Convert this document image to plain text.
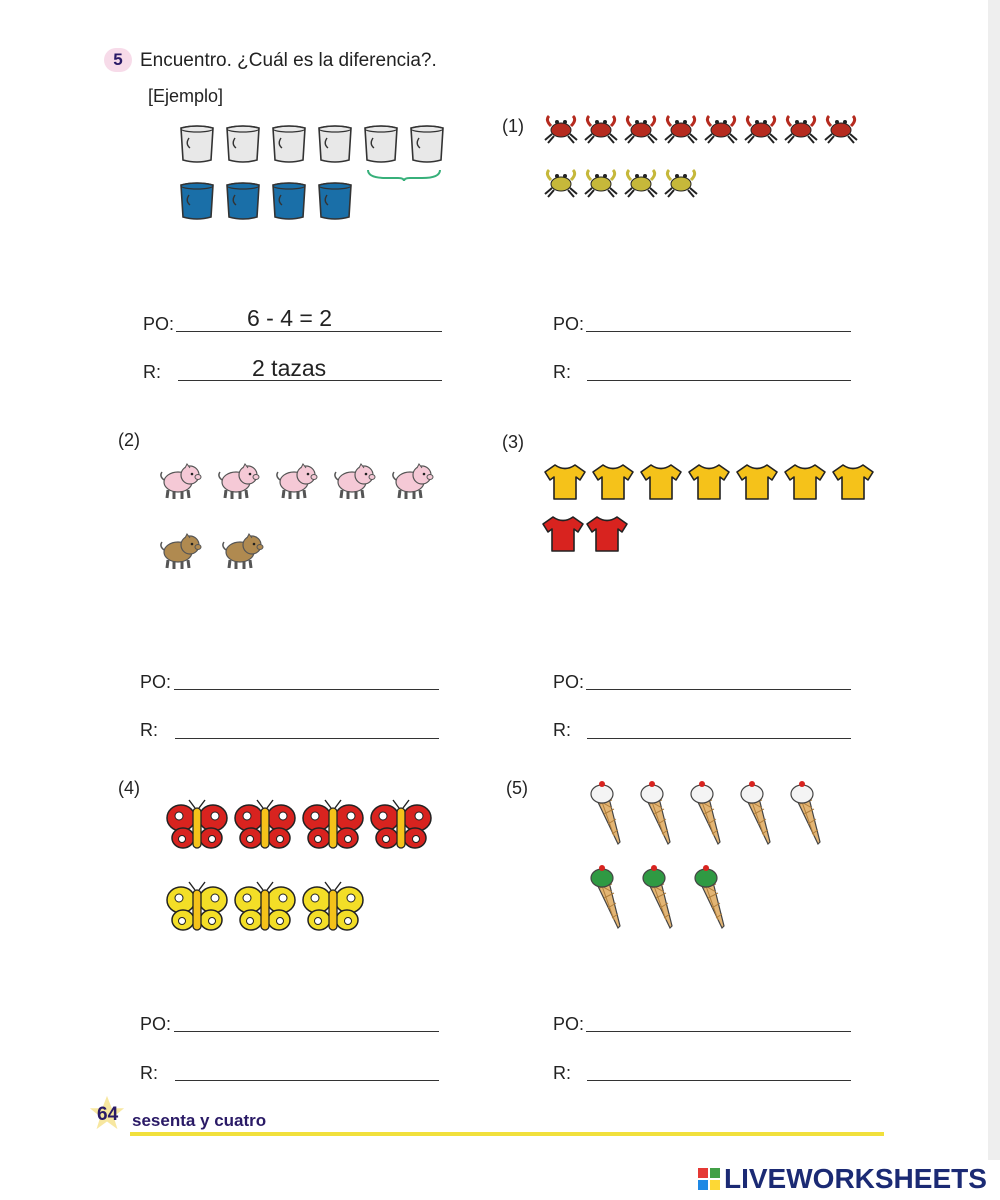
5 Encuentro. ¿Cuál es la diferencia?.
[Ejemplo]
PO:	6 - 4 = 2
R:	2 tazas
(1)
(2)	(3)
(4)	(5)
PO:
R:
PO:
R:
PO:
R:
PO:
R:
PO:
R:
64 sesenta y cuatro
LIVEWORKSHEETS
